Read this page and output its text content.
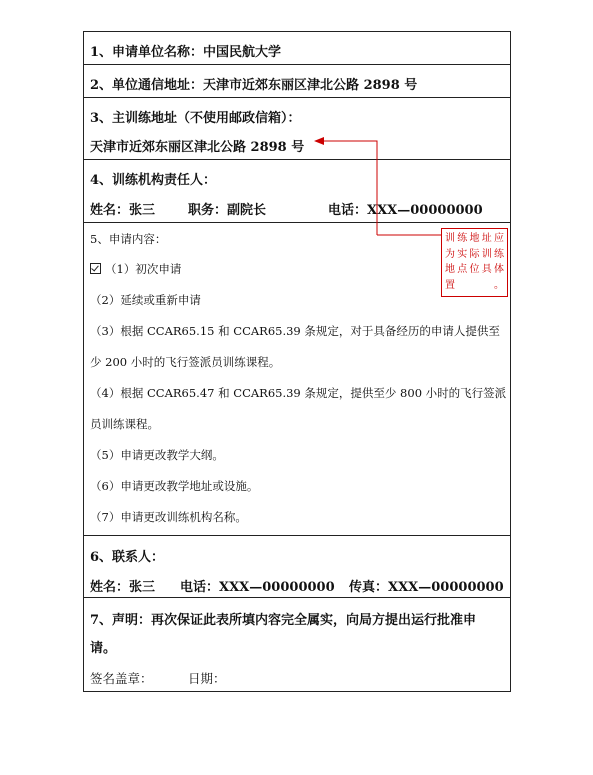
1、申请单位名称：中国民航大学
2、单位通信地址：天津市近郊东丽区津北公路 2898 号
3、主训练地址（不使用邮政信箱）：
天津市近郊东丽区津北公路 2898 号
4、训练机构责任人：
姓名：张三	职务：副院长	电话：XXX—00000000
5、申请内容：
（1）初次申请
（2）延续或重新申请
（3）根据 CCAR65.15 和 CCAR65.39 条规定，对于具备经历的申请人提供至
少 200 小时的飞行签派员训练课程。
（4）根据 CCAR65.47 和 CCAR65.39 条规定，提供至少 800 小时的飞行签派
员训练课程。
（5）申请更改教学大纲。
（6）申请更改教学地址或设施。
（7）申请更改训练机构名称。
6、联系人：
姓名：张三 电话：XXX—00000000 传真：XXX—00000000
7、声明：再次保证此表所填内容完全属实，向局方提出运行批准申
请。
签名盖章：	日期：
训练地址应为实际训练地点位具体置。
